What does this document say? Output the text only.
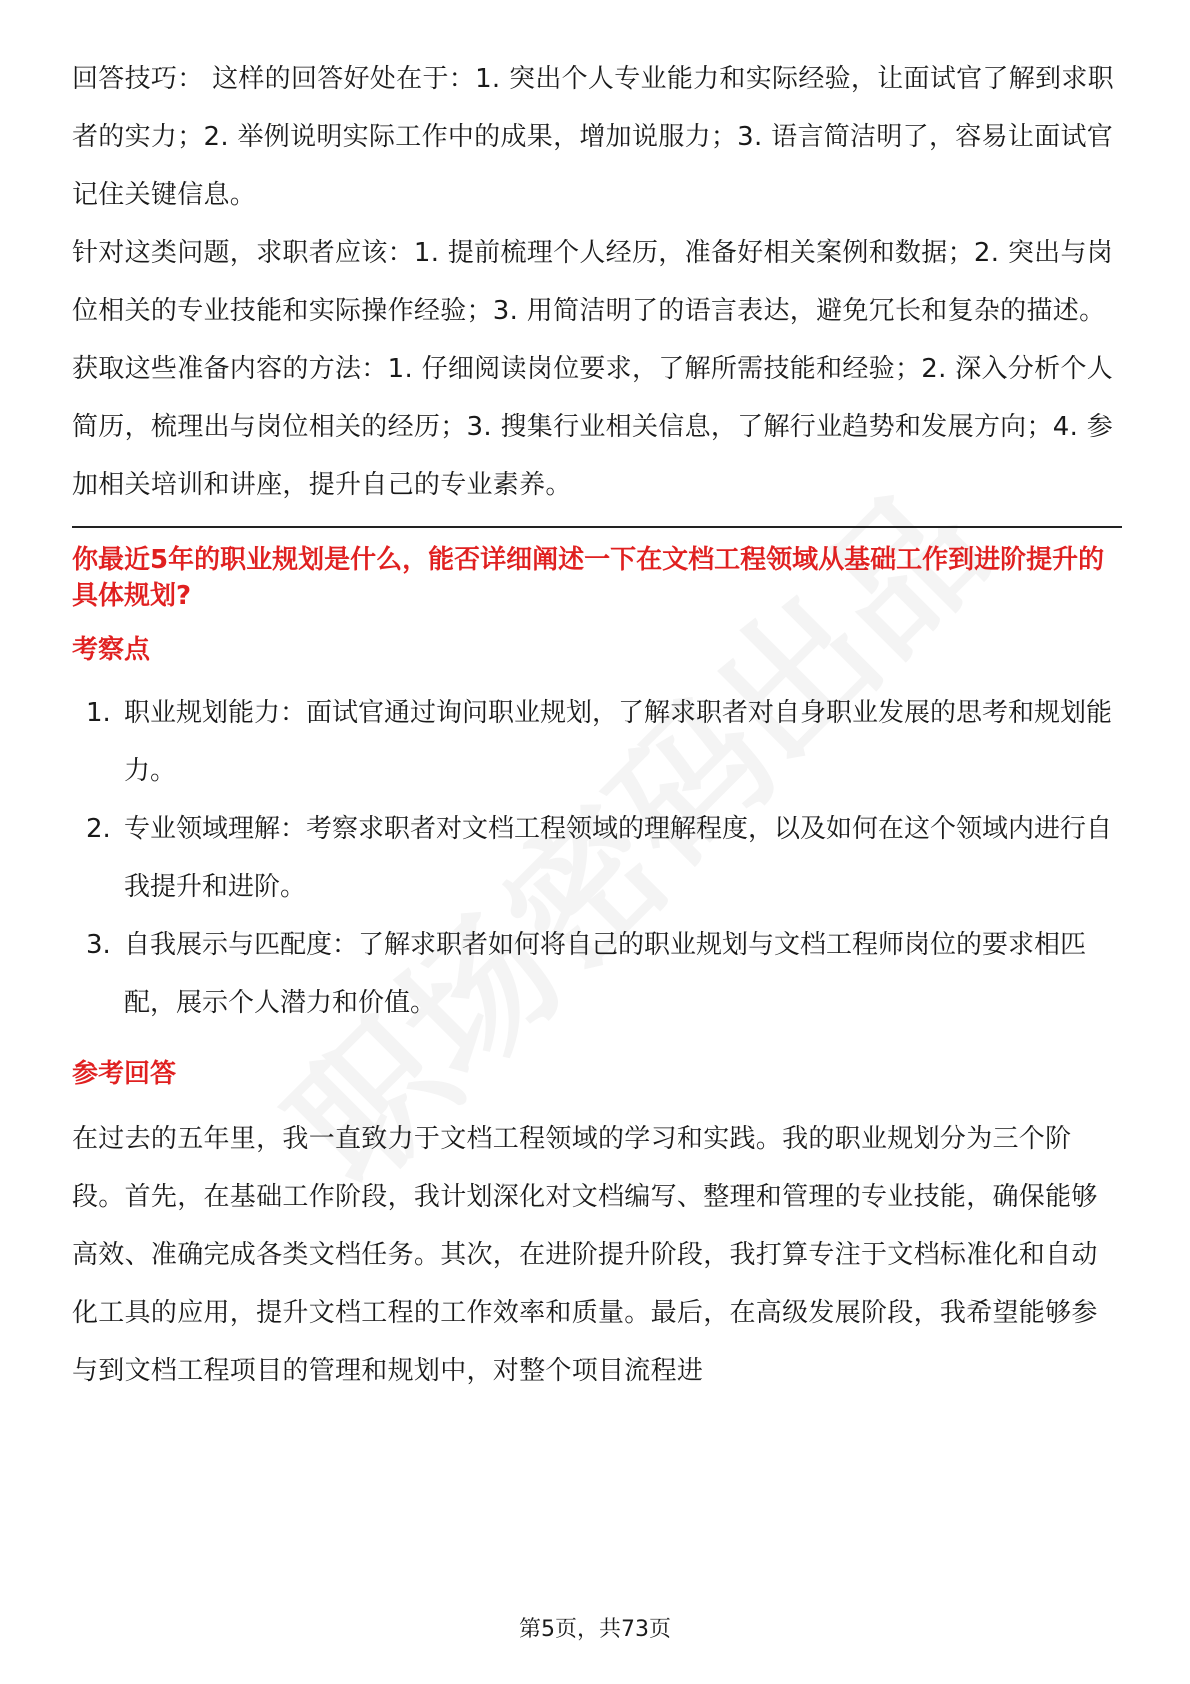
回答技巧： 这样的回答好处在于：1. 突出个人专业能力和实际经验，让面试官了解到求职者的实力；2. 举例说明实际工作中的成果，增加说服力；3. 语言简洁明了，容易让面试官记住关键信息。

针对这类问题，求职者应该：1. 提前梳理个人经历，准备好相关案例和数据；2. 突出与岗位相关的专业技能和实际操作经验；3. 用简洁明了的语言表达，避免冗长和复杂的描述。

获取这些准备内容的方法：1. 仔细阅读岗位要求，了解所需技能和经验；2. 深入分析个人简历，梳理出与岗位相关的经历；3. 搜集行业相关信息，了解行业趋势和发展方向；4. 参加相关培训和讲座，提升自己的专业素养。

你最近5年的职业规划是什么，能否详细阐述一下在文档工程领域从基础工作到进阶提升的具体规划?

考察点

1. 职业规划能力：面试官通过询问职业规划，了解求职者对自身职业发展的思考和规划能力。
2. 专业领域理解：考察求职者对文档工程领域的理解程度，以及如何在这个领域内进行自我提升和进阶。
3. 自我展示与匹配度：了解求职者如何将自己的职业规划与文档工程师岗位的要求相匹配，展示个人潜力和价值。

参考回答

在过去的五年里，我一直致力于文档工程领域的学习和实践。我的职业规划分为三个阶段。首先，在基础工作阶段，我计划深化对文档编写、整理和管理的专业技能，确保能够高效、准确完成各类文档任务。其次，在进阶提升阶段，我打算专注于文档标准化和自动化工具的应用，提升文档工程的工作效率和质量。最后，在高级发展阶段，我希望能够参与到文档工程项目的管理和规划中，对整个项目流程进

第5页，共73页
